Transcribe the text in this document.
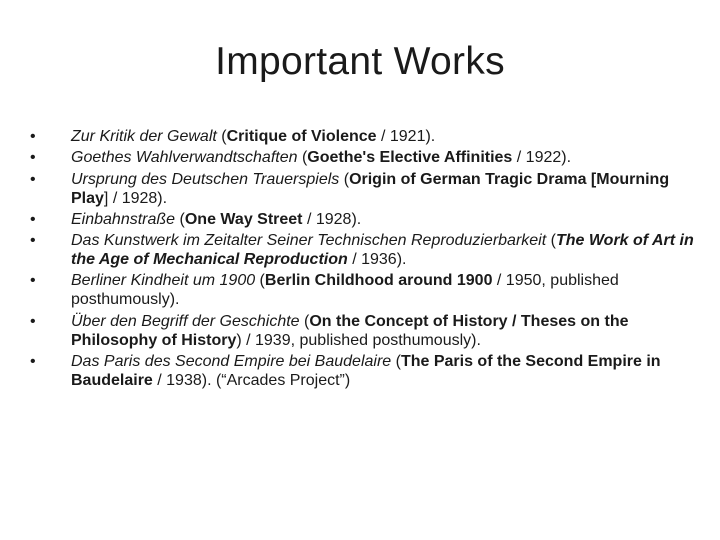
Important Works
•	Zur Kritik der Gewalt (Critique of Violence / 1921).
•	Goethes Wahlverwandtschaften (Goethe's Elective Affinities / 1922).
•	Ursprung des Deutschen Trauerspiels (Origin of German Tragic Drama [Mourning Play] / 1928).
•	Einbahnstraße (One Way Street / 1928).
•	Das Kunstwerk im Zeitalter Seiner Technischen Reproduzierbarkeit (The Work of Art in the Age of Mechanical Reproduction / 1936).
•	Berliner Kindheit um 1900 (Berlin Childhood around 1900 / 1950, published posthumously).
•	Über den Begriff der Geschichte (On the Concept of History / Theses on the Philosophy of History) / 1939, published posthumously).
•	Das Paris des Second Empire bei Baudelaire (The Paris of the Second Empire in Baudelaire / 1938). (“Arcades Project”)
